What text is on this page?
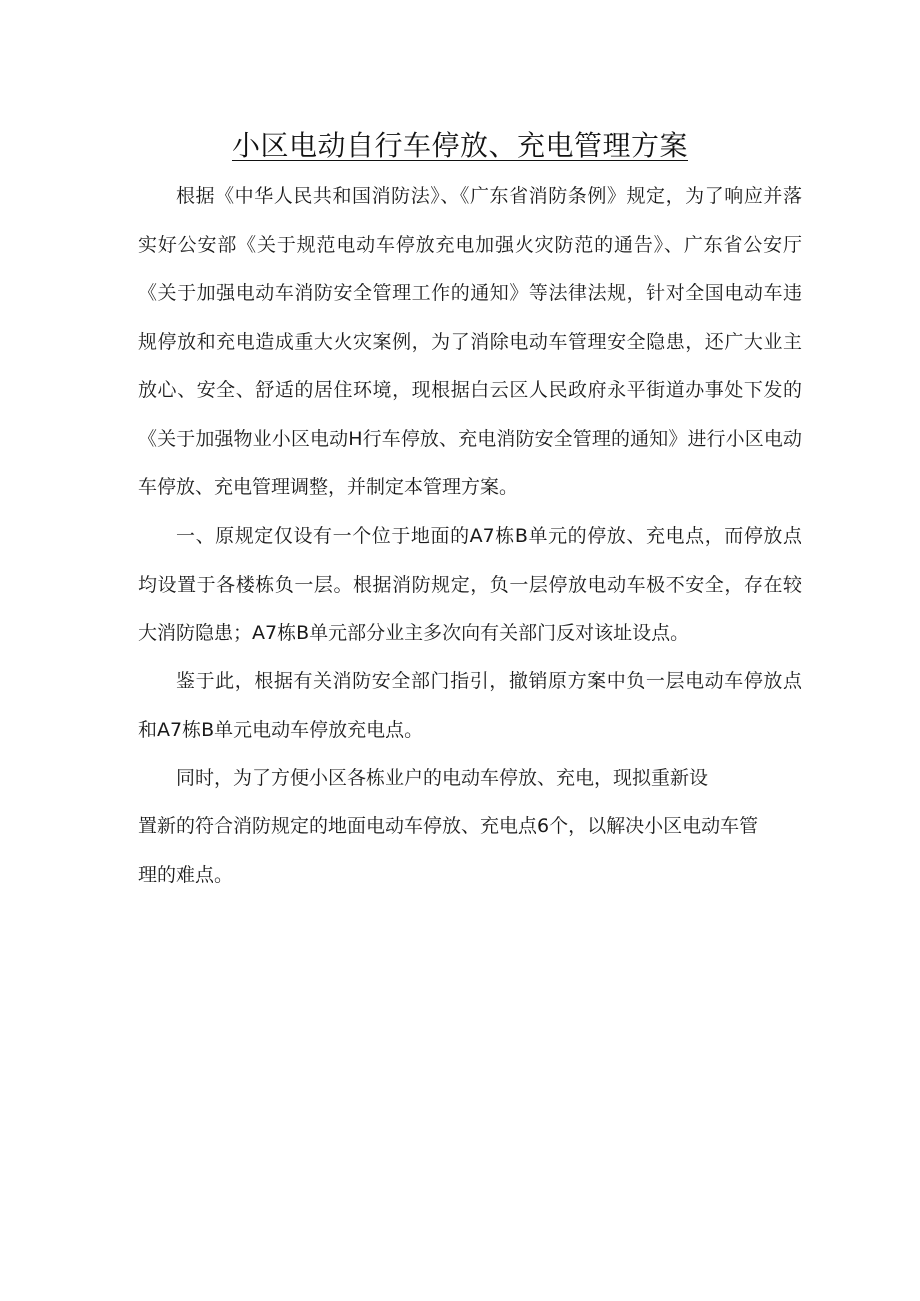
小区电动自行车停放、充电管理方案

根据《中华人民共和国消防法》、《广东省消防条例》规定，为了响应并落实好公安部《关于规范电动车停放充电加强火灾防范的通告》、广东省公安厅《关于加强电动车消防安全管理工作的通知》等法律法规，针对全国电动车违规停放和充电造成重大火灾案例，为了消除电动车管理安全隐患，还广大业主放心、安全、舒适的居住环境，现根据白云区人民政府永平街道办事处下发的《关于加强物业小区电动H行车停放、充电消防安全管理的通知》进行小区电动车停放、充电管理调整，并制定本管理方案。

一、原规定仅设有一个位于地面的A7栋B单元的停放、充电点，而停放点均设置于各楼栋负一层。根据消防规定，负一层停放电动车极不安全，存在较大消防隐患；A7栋B单元部分业主多次向有关部门反对该址设点。

鉴于此，根据有关消防安全部门指引，撤销原方案中负一层电动车停放点和A7栋B单元电动车停放充电点。

同时，为了方便小区各栋业户的电动车停放、充电，现拟重新设

置新的符合消防规定的地面电动车停放、充电点6个，以解决小区电动车管

理的难点。
